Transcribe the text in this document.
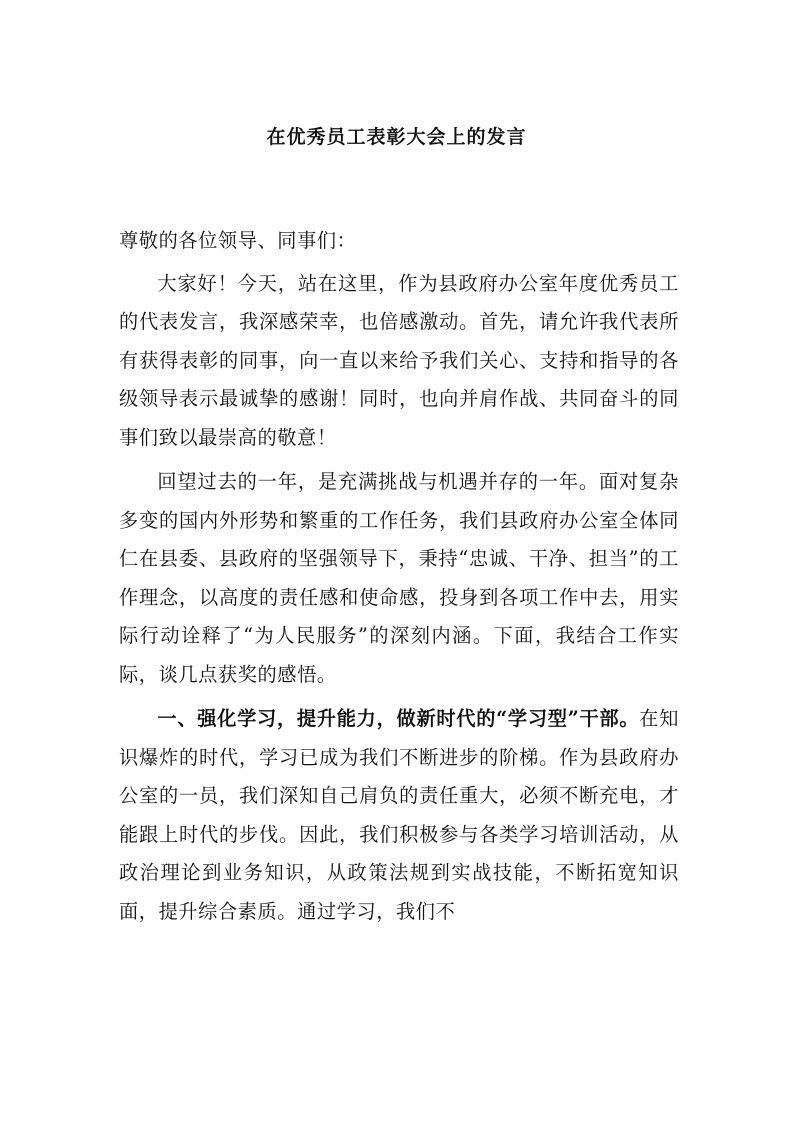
在优秀员工表彰大会上的发言

尊敬的各位领导、同事们：

大家好！今天，站在这里，作为县政府办公室年度优秀员工的代表发言，我深感荣幸，也倍感激动。首先，请允许我代表所有获得表彰的同事，向一直以来给予我们关心、支持和指导的各级领导表示最诚挚的感谢！同时，也向并肩作战、共同奋斗的同事们致以最崇高的敬意！

回望过去的一年，是充满挑战与机遇并存的一年。面对复杂多变的国内外形势和繁重的工作任务，我们县政府办公室全体同仁在县委、县政府的坚强领导下，秉持“忠诚、干净、担当”的工作理念，以高度的责任感和使命感，投身到各项工作中去，用实际行动诠释了“为人民服务”的深刻内涵。下面，我结合工作实际，谈几点获奖的感悟。

一、强化学习，提升能力，做新时代的“学习型”干部。在知识爆炸的时代，学习已成为我们不断进步的阶梯。作为县政府办公室的一员，我们深知自己肩负的责任重大，必须不断充电，才能跟上时代的步伐。因此，我们积极参与各类学习培训活动，从政治理论到业务知识，从政策法规到实战技能，不断拓宽知识面，提升综合素质。通过学习，我们不
